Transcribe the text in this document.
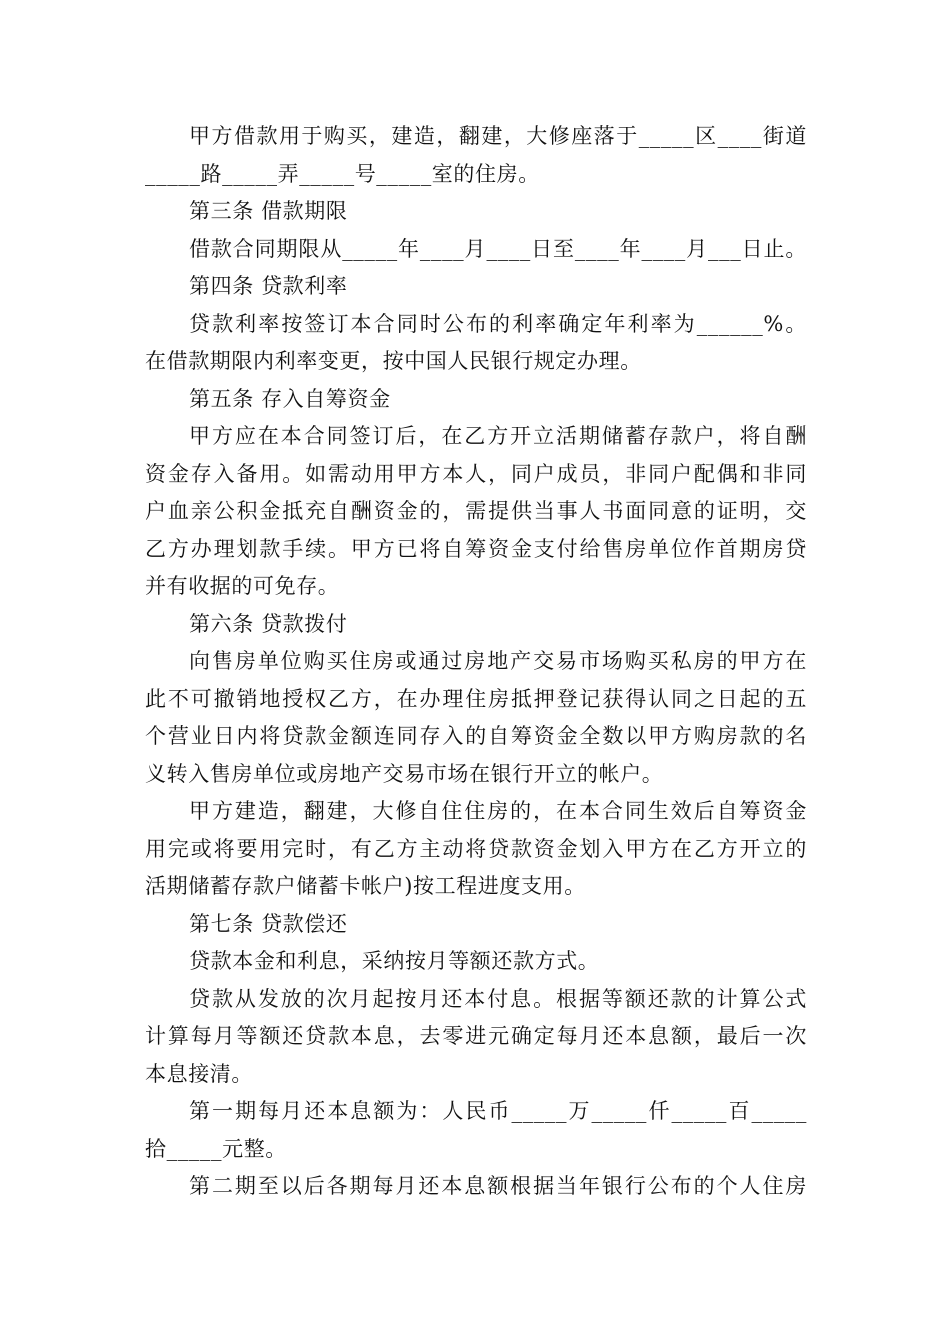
甲方借款用于购买，建造，翻建，大修座落于_____区____街道
_____路_____弄_____号_____室的住房。
第三条 借款期限
借款合同期限从_____年____月____日至____年____月___日止。
第四条 贷款利率
贷款利率按签订本合同时公布的利率确定年利率为______%。
在借款期限内利率变更，按中国人民银行规定办理。
第五条 存入自筹资金
甲方应在本合同签订后，在乙方开立活期储蓄存款户，将自酬
资金存入备用。如需动用甲方本人，同户成员，非同户配偶和非同
户血亲公积金抵充自酬资金的，需提供当事人书面同意的证明，交
乙方办理划款手续。甲方已将自筹资金支付给售房单位作首期房贷
并有收据的可免存。
第六条 贷款拨付
向售房单位购买住房或通过房地产交易市场购买私房的甲方在
此不可撤销地授权乙方，在办理住房抵押登记获得认同之日起的五
个营业日内将贷款金额连同存入的自筹资金全数以甲方购房款的名
义转入售房单位或房地产交易市场在银行开立的帐户。
甲方建造，翻建，大修自住住房的，在本合同生效后自筹资金
用完或将要用完时，有乙方主动将贷款资金划入甲方在乙方开立的
活期储蓄存款户储蓄卡帐户)按工程进度支用。
第七条 贷款偿还
贷款本金和利息，采纳按月等额还款方式。
贷款从发放的次月起按月还本付息。根据等额还款的计算公式
计算每月等额还贷款本息，去零进元确定每月还本息额，最后一次
本息接清。
第一期每月还本息额为：人民币_____万_____仟_____百_____
拾_____元整。
第二期至以后各期每月还本息额根据当年银行公布的个人住房
